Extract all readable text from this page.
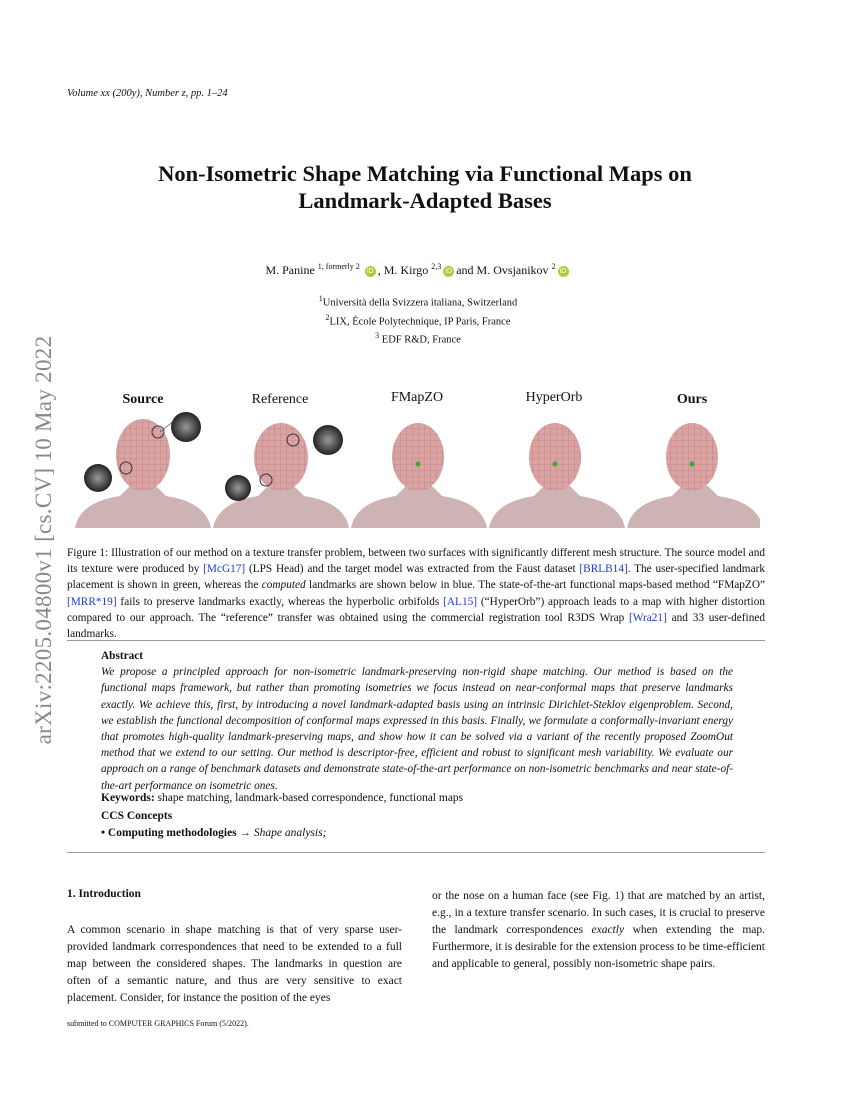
Volume xx (200y), Number z, pp. 1–24
arXiv:2205.04800v1 [cs.CV] 10 May 2022
Non-Isometric Shape Matching via Functional Maps on
Landmark-Adapted Bases
M. Panine $^{1, formerly 2}$ iD , M. Kirgo $^{2,3}$iD and M. Ovsjanikov $^2$iD
$^1$Università della Svizzera italiana, Switzerland
$^2$LIX, École Polytechnique, IP Paris, France
$^3$ EDF R&D, France
Source	Reference	FMapZO	HyperOrb	Ours
Figure 1: Illustration of our method on a texture transfer problem, between two surfaces with significantly different mesh structure. The source model and its texture were produced by [McG17] (LPS Head) and the target model was extracted from the Faust dataset [BRLB14]. The user-specified landmark placement is shown in green, whereas the computed landmarks are shown below in blue. The state-of-the-art functional maps-based method “FMapZO” [MRR*19] fails to preserve landmarks exactly, whereas the hyperbolic orbifolds [AL15] (“HyperOrb”) approach leads to a map with higher distortion compared to our approach. The “reference” transfer was obtained using the commercial registration tool R3DS Wrap [Wra21] and 33 user-defined landmarks.
Abstract
We propose a principled approach for non-isometric landmark-preserving non-rigid shape matching. Our method is based on the functional maps framework, but rather than promoting isometries we focus instead on near-conformal maps that preserve landmarks exactly. We achieve this, first, by introducing a novel landmark-adapted basis using an intrinsic Dirichlet-Steklov eigenproblem. Second, we establish the functional decomposition of conformal maps expressed in this basis. Finally, we formulate a conformally-invariant energy that promotes high-quality landmark-preserving maps, and show how it can be solved via a variant of the recently proposed ZoomOut method that we extend to our setting. Our method is descriptor-free, efficient and robust to significant mesh variability. We evaluate our approach on a range of benchmark datasets and demonstrate state-of-the-art performance on non-isometric benchmarks and near state-of-the-art performance on isometric ones.
Keywords: shape matching, landmark-based correspondence, functional maps
CCS Concepts
• Computing methodologies → Shape analysis;
1. Introduction
A common scenario in shape matching is that of very sparse user-provided landmark correspondences that need to be extended to a full map between the considered shapes. The landmarks in question are often of a semantic nature, and thus are very sensitive to exact placement. Consider, for instance the position of the eyes
or the nose on a human face (see Fig. 1) that are matched by an artist, e.g., in a texture transfer scenario. In such cases, it is crucial to preserve the landmark correspondences exactly when extending the map. Furthermore, it is desirable for the extension process to be time-efficient and applicable to general, possibly non-isometric shape pairs.
submitted to COMPUTER GRAPHICS Forum (5/2022).
